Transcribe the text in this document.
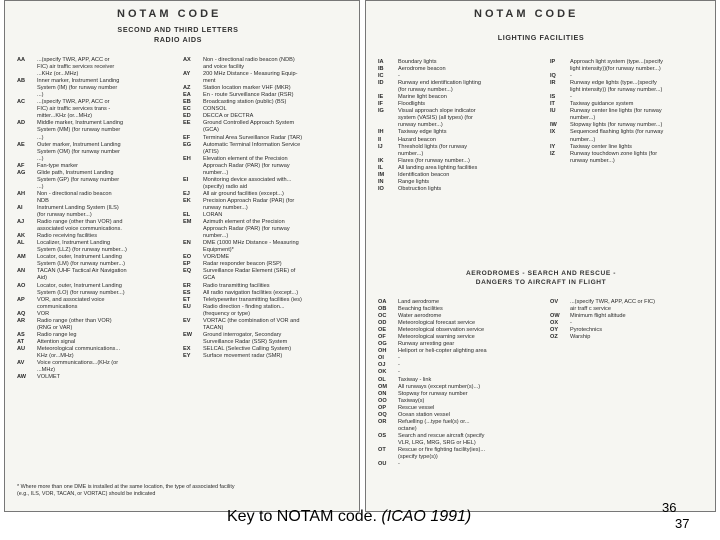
NOTAM CODE
SECOND AND THIRD LETTERS
RADIO AIDS
AA	...(specify TWR, APP, ACC or
FIC) air traffic services receiver
...KHz (or...MHz)
AB	Inner marker, Instrument Landing
System (IM) (for runway number
...)
AC	...(specify TWR, APP, ACC or
FIC) air traffic services trans -
mitter...KHz (or...MHz)
AD	Middle marker, Instrument Landing
System (MM) (for runway number
...)
AE	Outer marker, Instrument Landing
System (OM) (for runway number
...)
AF	Fan-type marker
AG	Glide path, Instrument Landing
System (GP) (for runway number
...)
AH	Non - directional radio beacon
NDB
AI	Instrument Landing System (ILS)
(for runway number...)
AJ	Radio range (other than VOR) and
associated voice communications.
AK	Radio receiving facilities
AL	Localizer, Instrument Landing
System (LLZ) (for runway number...)
AM	Locator, outer, Instrument Landing
System (LM) (for runway number...)
AN	TACAN (UHF Tactical Air Navigation
Aid)
AO	Locator, outer, Instrument Landing
System (LO) (for runway number...)
AP	VOR, and associated voice
communications
AQ	VOR
AR	Radio range (other than VOR)
(RNG or VAR)
AS	Radio range leg
AT	Attention signal
AU	Meteorological communications...
KHz (or...MHz)
AV	Voice communications...(KHz (or
...MHz)
AW	VOLMET
AX	Non - directional radio beacon (NDB)
and voice facility
AY	200 MHz Distance - Measuring Equip-
ment
AZ	Station location marker VHF (MKR)
EA	En - route Surveillance Radar (RSR)
EB	Broadcasting station (public) (BS)
EC	CONSOL
ED	DECCA or DECTRA
EE	Ground Controlled Approach System
(GCA)
EF	Terminal Area Surveillance Radar (TAR)
EG	Automatic Terminal Information Service
(ATIS)
EH	Elevation element of the Precision
Approach Radar (PAR) (for runway
number...)
EI	Monitoring device associated with...
(specify) radio aid
EJ	All air ground facilities (except...)
EK	Precision Approach Radar (PAR) (for
runway number...)
EL	LORAN
EM	Azimuth element of the Precision
Approach Radar (PAR) (for runway
number...)
EN	DME (1000 MHz Distance - Measuring
Equipment)*
EO	VOR/DME
EP	Radar responder beacon (RSP)
EQ	Surveillance Radar Element (SRE) of
GCA
ER	Radio transmitting facilities
ES	All radio navigation facilities (except...)
ET	Teletypewriter transmitting facilities (ies)
EU	Radio direction - finding station...
(frequency or type)
EV	VORTAC (the combination of VOR and
TACAN)
EW	Ground interrogator, Secondary
Surveillance Radar (SSR) System
EX	SELCAL (Selective Calling System)
EY	Surface movement radar (SMR)
* Where more than one DME is installed at the same location, the type of associated facility
(e.g., ILS, VOR, TACAN, or VORTAC) should be indicated
NOTAM CODE
LIGHTING FACILITIES
IA	Boundary lights
IB	Aerodrome beacon
IC	-
ID	Runway end identification lighting
(for runway number...)
IE	Marine light beacon
IF	Floodlights
IG	Visual approach slope indicator
system (VASIS) (all types) (for
runway number...)
IH	Taxiway edge lights
II	Hazard beacon
IJ	Threshold lights (for runway
number...)
IK	Flares (for runway number...)
IL	All landing area lighting facilities
IM	Identification beacon
IN	Range lights
IO	Obstruction lights
IP	Approach light system (type...(specify
light intensity))(for runway number...)
IQ	-
IR	Runway edge lights (type...(specify
light intensity)) (for runway number...)
IS	-
IT	Taxiway guidance system
IU	Runway center line lights (for runway
number...)
IW	Stopway lights (for runway number...)
IX	Sequenced flashing lights (for runway
number...)
IY	Taxiway center line lights
IZ	Runway touchdown zone lights (for
runway number...)
AERODROMES - SEARCH AND RESCUE -
DANGERS TO AIRCRAFT IN FLIGHT
OA	Land aerodrome
OB	Beaching facilities
OC	Water aerodrome
OD	Meteorological forecast service
OE	Meteorological observation service
OF	Meteorological warning service
OG	Runway arresting gear
OH	Heliport or heli-copter alighting area
OI	-
OJ	-
OK	-
OL	Taxiway - link
OM	All runways (except number(s)...)
ON	Stopway for runway number
OO	Taxiway(s)
OP	Rescue vessel
OQ	Ocean station vessel
OR	Refuelling (...type fuel(s) or...
octane)
OS	Search and rescue aircraft (specify
VLR, LRG, MRG, SRG or HEL)
OT	Rescue or fire fighting facility(ies)...
(specify type(s))
OU	-
OV	...(specify TWR, APP, ACC or FIC)
air traff c service
OW	Minimum flight altitude
OX	-
OY	Pyrotechnics
OZ	Warship
Key to NOTAM code. (ICAO 1991)
36
37
